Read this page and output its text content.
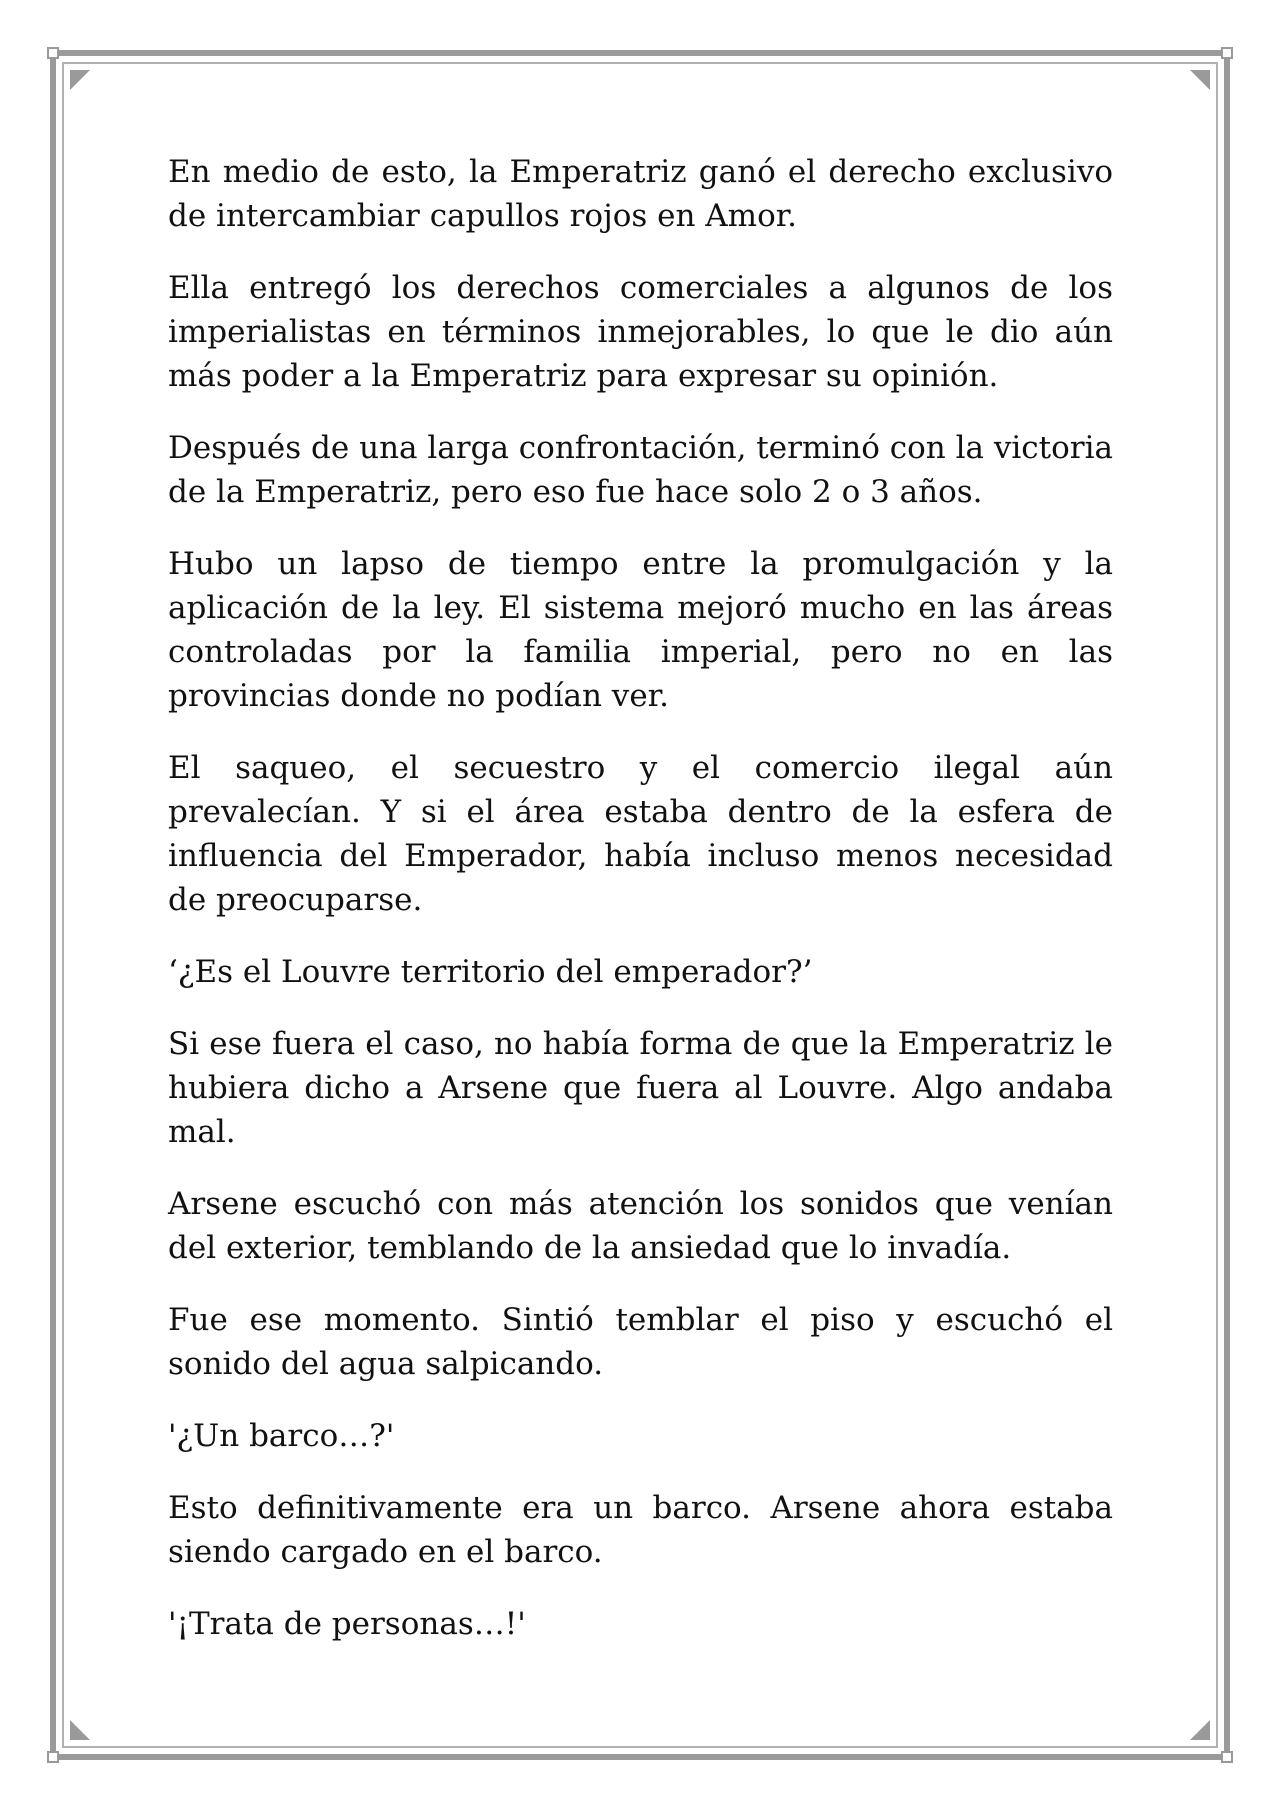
En medio de esto, la Emperatriz ganó el derecho exclusivo de intercambiar capullos rojos en Amor.

Ella entregó los derechos comerciales a algunos de los imperialistas en términos inmejorables, lo que le dio aún más poder a la Emperatriz para expresar su opinión.

Después de una larga confrontación, terminó con la victoria de la Emperatriz, pero eso fue hace solo 2 o 3 años.

Hubo un lapso de tiempo entre la promulgación y la aplicación de la ley. El sistema mejoró mucho en las áreas controladas por la familia imperial, pero no en las provincias donde no podían ver.

El saqueo, el secuestro y el comercio ilegal aún prevalecían. Y si el área estaba dentro de la esfera de influencia del Emperador, había incluso menos necesidad de preocuparse.

‘¿Es el Louvre territorio del emperador?’

Si ese fuera el caso, no había forma de que la Emperatriz le hubiera dicho a Arsene que fuera al Louvre. Algo andaba mal.

Arsene escuchó con más atención los sonidos que venían del exterior, temblando de la ansiedad que lo invadía.

Fue ese momento. Sintió temblar el piso y escuchó el sonido del agua salpicando.

'¿Un barco…?'

Esto definitivamente era un barco. Arsene ahora estaba siendo cargado en el barco.

'¡Trata de personas…!'
